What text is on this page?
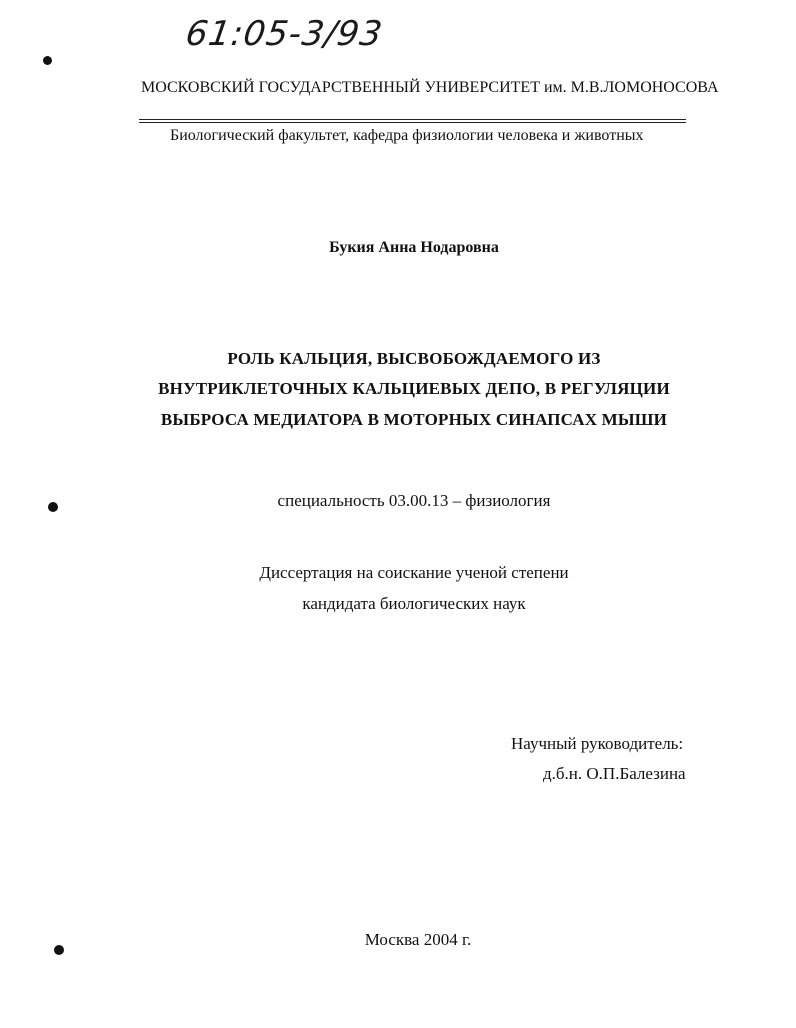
61:05-3/93
МОСКОВСКИЙ ГОСУДАРСТВЕННЫЙ УНИВЕРСИТЕТ им. М.В.ЛОМОНОСОВА
Биологический факультет, кафедра физиологии человека и животных
Букия Анна Нодаровна
РОЛЬ КАЛЬЦИЯ, ВЫСВОБОЖДАЕМОГО ИЗ
ВНУТРИКЛЕТОЧНЫХ КАЛЬЦИЕВЫХ ДЕПО, В РЕГУЛЯЦИИ
ВЫБРОСА МЕДИАТОРА В МОТОРНЫХ СИНАПСАХ МЫШИ
специальность 03.00.13 – физиология
Диссертация на соискание ученой степени
кандидата биологических наук
Научный руководитель:
д.б.н. О.П.Балезина
Москва 2004 г.
